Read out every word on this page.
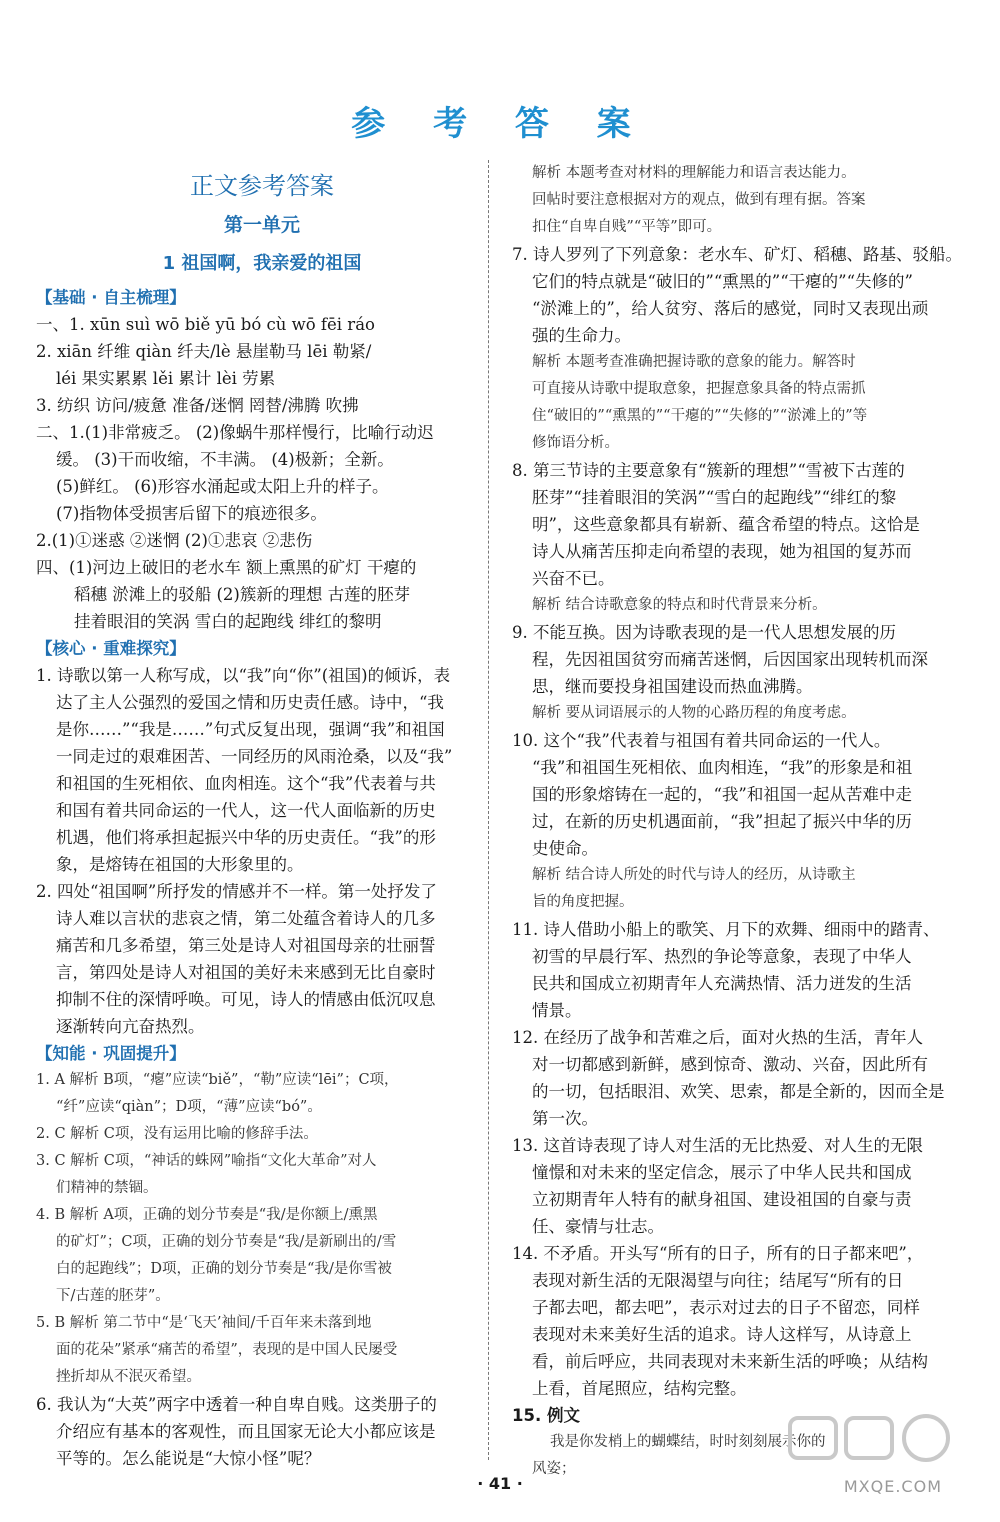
参 考 答 案
正文参考答案
第一单元
1 祖国啊，我亲爱的祖国
【基础 · 自主梳理】
一、1. xūn suì wō biě yū bó cù wō fēi ráo
2. xiān 纤维 qiàn 纤夫/lè 悬崖勒马 lēi 勒紧/
léi 果实累累 lěi 累计 lèi 劳累
3. 纺织 访问/疲惫 准备/迷惘 罔替/沸腾 吹拂
二、1.(1)非常疲乏。 (2)像蜗牛那样慢行，比喻行动迟
缓。 (3)干而收缩，不丰满。 (4)极新；全新。
(5)鲜红。 (6)形容水涌起或太阳上升的样子。
(7)指物体受损害后留下的痕迹很多。
2.(1)①迷惑 ②迷惘 (2)①悲哀 ②悲伤
四、(1)河边上破旧的老水车 额上熏黑的矿灯 干瘪的
稻穗 淤滩上的驳船 (2)簇新的理想 古莲的胚芽
挂着眼泪的笑涡 雪白的起跑线 绯红的黎明
【核心 · 重难探究】
1. 诗歌以第一人称写成，以“我”向“你”(祖国)的倾诉，表
达了主人公强烈的爱国之情和历史责任感。诗中，“我
是你……”“我是……”句式反复出现，强调“我”和祖国
一同走过的艰难困苦、一同经历的风雨沧桑，以及“我”
和祖国的生死相依、血肉相连。这个“我”代表着与共
和国有着共同命运的一代人，这一代人面临新的历史
机遇，他们将承担起振兴中华的历史责任。“我”的形
象，是熔铸在祖国的大形象里的。
2. 四处“祖国啊”所抒发的情感并不一样。第一处抒发了
诗人难以言状的悲哀之情，第二处蕴含着诗人的几多
痛苦和几多希望，第三处是诗人对祖国母亲的壮丽誓
言，第四处是诗人对祖国的美好未来感到无比自豪时
抑制不住的深情呼唤。可见，诗人的情感由低沉叹息
逐渐转向亢奋热烈。
【知能 · 巩固提升】
1. A 解析 B项，“瘪”应读“biě”，“勒”应读“lēi”；C项，
“纤”应读“qiàn”；D项，“薄”应读“bó”。
2. C 解析 C项，没有运用比喻的修辞手法。
3. C 解析 C项，“神话的蛛网”喻指“文化大革命”对人
们精神的禁锢。
4. B 解析 A项，正确的划分节奏是“我/是你额上/熏黑
的矿灯”；C项，正确的划分节奏是“我/是新刷出的/雪
白的起跑线”；D项，正确的划分节奏是“我/是你雪被
下/古莲的胚芽”。
5. B 解析 第二节中“是‘飞天’袖间/千百年来未落到地
面的花朵”紧承“痛苦的希望”，表现的是中国人民屡受
挫折却从不泯灭希望。
6. 我认为“大英”两字中透着一种自卑自贱。这类册子的
介绍应有基本的客观性，而且国家无论大小都应该是
平等的。怎么能说是“大惊小怪”呢？
解析 本题考查对材料的理解能力和语言表达能力。
回帖时要注意根据对方的观点，做到有理有据。答案
扣住“自卑自贱”“平等”即可。
7. 诗人罗列了下列意象：老水车、矿灯、稻穗、路基、驳船。
它们的特点就是“破旧的”“熏黑的”“干瘪的”“失修的”
“淤滩上的”，给人贫穷、落后的感觉，同时又表现出顽
强的生命力。
解析 本题考查准确把握诗歌的意象的能力。解答时
可直接从诗歌中提取意象，把握意象具备的特点需抓
住“破旧的”“熏黑的”“干瘪的”“失修的”“淤滩上的”等
修饰语分析。
8. 第三节诗的主要意象有“簇新的理想”“雪被下古莲的
胚芽”“挂着眼泪的笑涡”“雪白的起跑线”“绯红的黎
明”，这些意象都具有崭新、蕴含希望的特点。这恰是
诗人从痛苦压抑走向希望的表现，她为祖国的复苏而
兴奋不已。
解析 结合诗歌意象的特点和时代背景来分析。
9. 不能互换。因为诗歌表现的是一代人思想发展的历
程，先因祖国贫穷而痛苦迷惘，后因国家出现转机而深
思，继而要投身祖国建设而热血沸腾。
解析 要从词语展示的人物的心路历程的角度考虑。
10. 这个“我”代表着与祖国有着共同命运的一代人。
“我”和祖国生死相依、血肉相连，“我”的形象是和祖
国的形象熔铸在一起的，“我”和祖国一起从苦难中走
过，在新的历史机遇面前，“我”担起了振兴中华的历
史使命。
解析 结合诗人所处的时代与诗人的经历，从诗歌主
旨的角度把握。
11. 诗人借助小船上的歌笑、月下的欢舞、细雨中的踏青、
初雪的早晨行军、热烈的争论等意象，表现了中华人
民共和国成立初期青年人充满热情、活力迸发的生活
情景。
12. 在经历了战争和苦难之后，面对火热的生活，青年人
对一切都感到新鲜，感到惊奇、激动、兴奋，因此所有
的一切，包括眼泪、欢笑、思索，都是全新的，因而全是
第一次。
13. 这首诗表现了诗人对生活的无比热爱、对人生的无限
憧憬和对未来的坚定信念，展示了中华人民共和国成
立初期青年人特有的献身祖国、建设祖国的自豪与责
任、豪情与壮志。
14. 不矛盾。开头写“所有的日子，所有的日子都来吧”，
表现对新生活的无限渴望与向往；结尾写“所有的日
子都去吧，都去吧”，表示对过去的日子不留恋，同样
表现对未来美好生活的追求。诗人这样写，从诗意上
看，前后呼应，共同表现对未来新生活的呼唤；从结构
上看，首尾照应，结构完整。
15. 例文
我是你发梢上的蝴蝶结，时时刻刻展示你的
风姿；
· 41 ·	MXQE.COM
